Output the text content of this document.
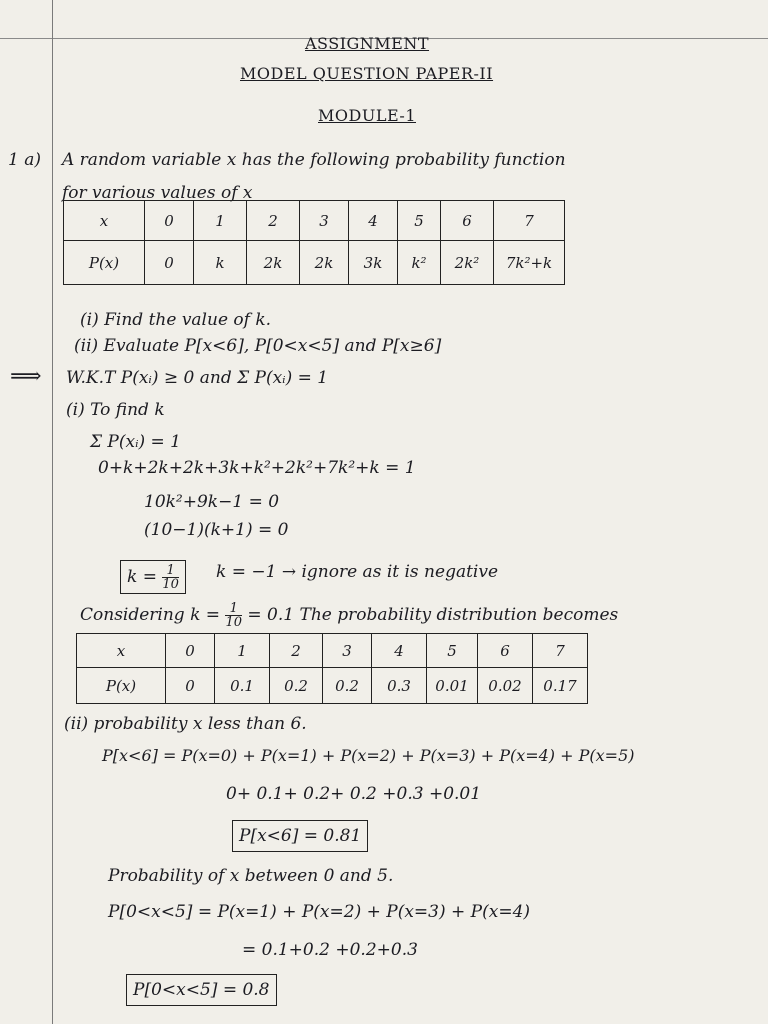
ASSIGNMENT
MODEL QUESTION PAPER-II
MODULE-1
1 a) A random variable x has the following probability function
for various values of x
x	0	1	2	3	4	5	6	7
P(x)	0	k	2k	2k	3k	k²	2k²	7k²+k
(i) Find the value of k.
(ii) Evaluate P[x<6], P[0<x<5] and P[x≥6]
⟹ W.K.T P(xᵢ) ≥ 0 and Σ P(xᵢ) = 1
(i) To find k
Σ P(xᵢ) = 1
0+k+2k+2k+3k+k²+2k²+7k²+k = 1
10k²+9k−1 = 0
(10−1)(k+1) = 0
$k = \frac{1}{10}$ k = −1 → ignore as it is negative
Considering $k = \frac{1}{10} = 0.1$ The probability distribution becomes
x	0	1	2	3	4	5	6	7
P(x)	0	0.1	0.2	0.2	0.3	0.01	0.02	0.17
(ii) probability x less than 6.
P[x<6] = P(x=0) + P(x=1) + P(x=2) + P(x=3) + P(x=4) + P(x=5)
0+ 0.1+ 0.2+ 0.2 +0.3 +0.01
P[x<6] = 0.81
Probability of x between 0 and 5.
P[0<x<5] = P(x=1) + P(x=2) + P(x=3) + P(x=4)
= 0.1+0.2 +0.2+0.3
P[0<x<5] = 0.8
